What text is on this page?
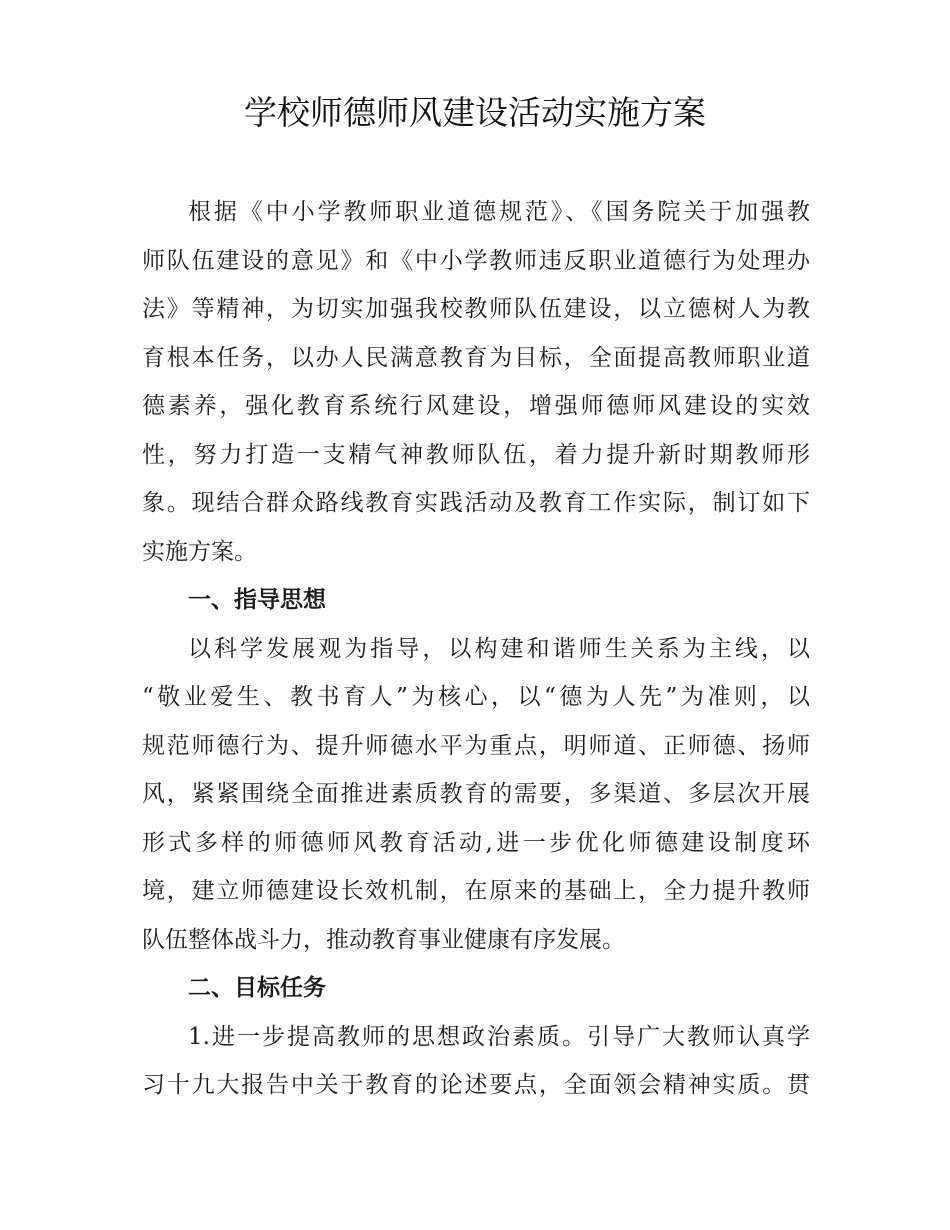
学校师德师风建设活动实施方案
根据《中小学教师职业道德规范》、《国务院关于加强教
师队伍建设的意见》和《中小学教师违反职业道德行为处理办
法》等精神，为切实加强我校教师队伍建设，以立德树人为教
育根本任务，以办人民满意教育为目标，全面提高教师职业道
德素养，强化教育系统行风建设，增强师德师风建设的实效
性，努力打造一支精气神教师队伍，着力提升新时期教师形
象。现结合群众路线教育实践活动及教育工作实际，制订如下
实施方案。
一、指导思想
以科学发展观为指导，以构建和谐师生关系为主线，以
“敬业爱生、教书育人”为核心，以“德为人先”为准则，以
规范师德行为、提升师德水平为重点，明师道、正师德、扬师
风，紧紧围绕全面推进素质教育的需要，多渠道、多层次开展
形式多样的师德师风教育活动,进一步优化师德建设制度环
境，建立师德建设长效机制，在原来的基础上，全力提升教师
队伍整体战斗力，推动教育事业健康有序发展。
二、目标任务
1.进一步提高教师的思想政治素质。引导广大教师认真学
习十九大报告中关于教育的论述要点，全面领会精神实质。贯
